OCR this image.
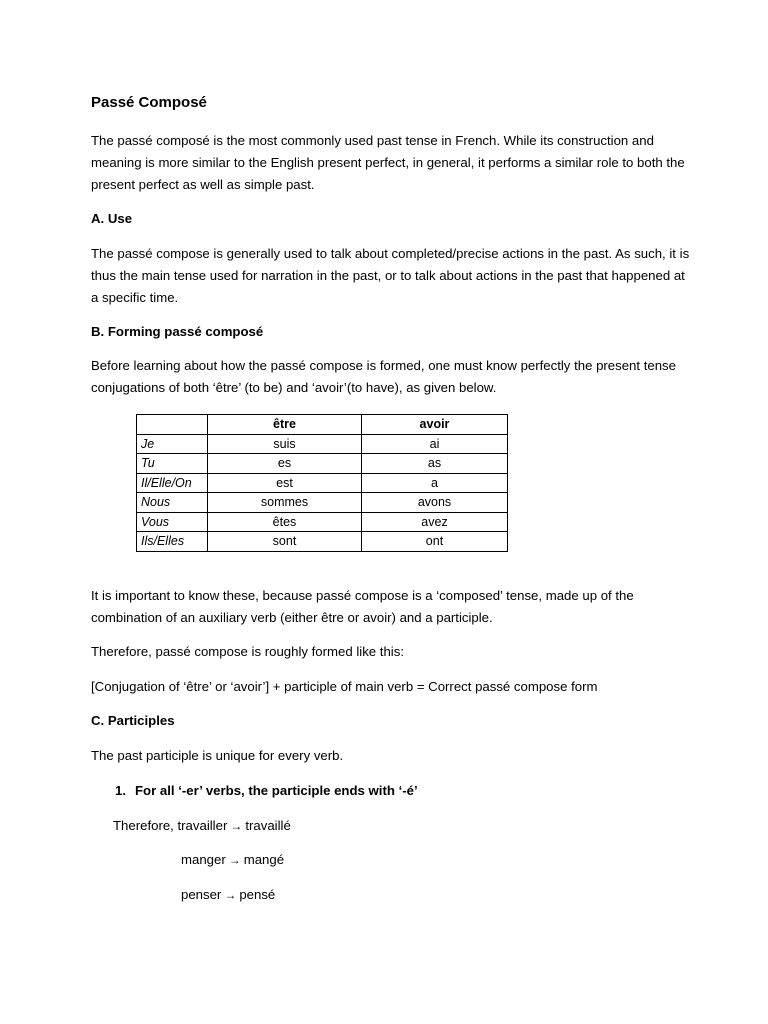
Passé Composé

The passé composé is the most commonly used past tense in French. While its construction and meaning is more similar to the English present perfect, in general, it performs a similar role to both the present perfect as well as simple past.

A. Use

The passé compose is generally used to talk about completed/precise actions in the past. As such, it is thus the main tense used for narration in the past, or to talk about actions in the past that happened at a specific time.

B. Forming passé composé

Before learning about how the passé compose is formed, one must know perfectly the present tense conjugations of both ‘être’ (to be) and ‘avoir’(to have), as given below.

	être	avoir
Je	suis	ai
Tu	es	as
Il/Elle/On	est	a
Nous	sommes	avons
Vous	êtes	avez
Ils/Elles	sont	ont

It is important to know these, because passé compose is a ‘composed’ tense, made up of the combination of an auxiliary verb (either être or avoir) and a participle.

Therefore, passé compose is roughly formed like this:

[Conjugation of ‘être’ or ‘avoir’] + participle of main verb = Correct passé compose form

C. Participles

The past participle is unique for every verb.

1. For all ‘-er’ verbs, the participle ends with ‘-é’
Therefore, travailler → travaillé
manger → mangé
penser → pensé
